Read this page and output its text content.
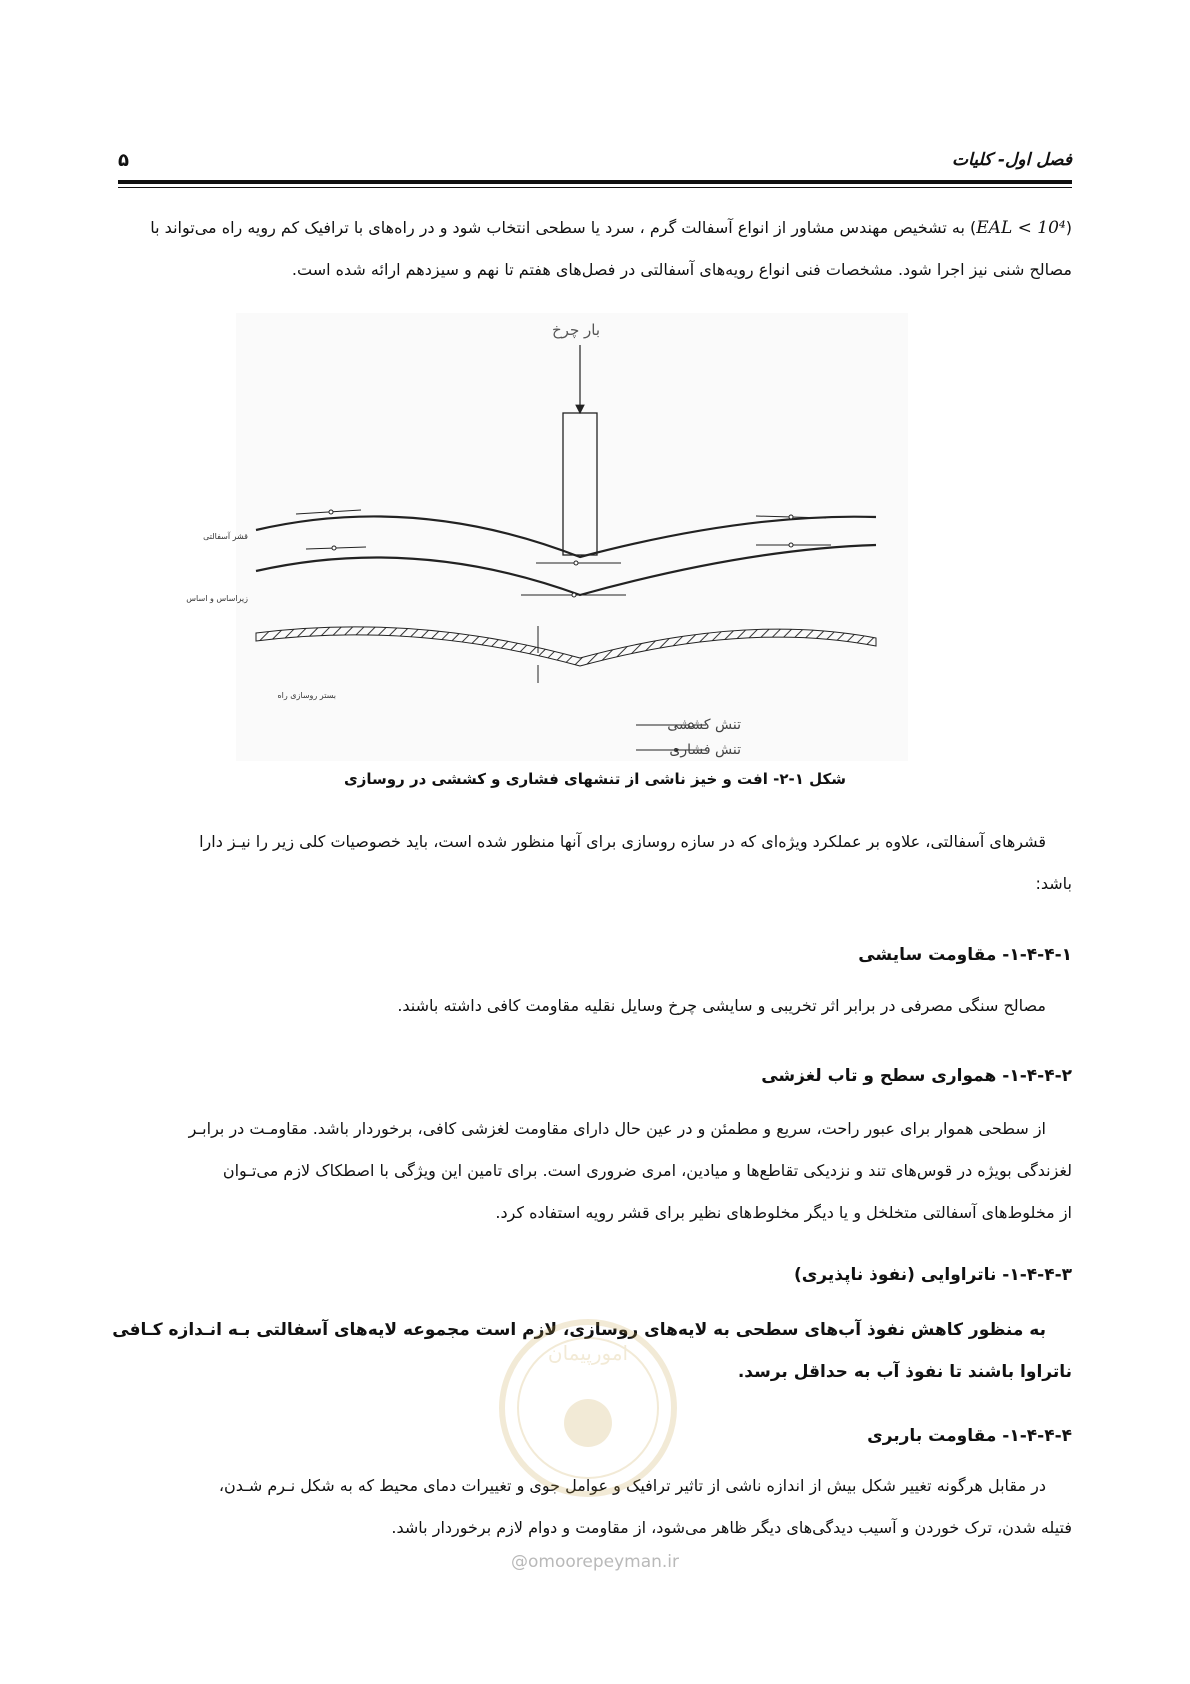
فصل اول- کلیات
۵
(EAL < 10⁴) به تشخیص مهندس مشاور از انواع آسفالت گرم ، سرد یا سطحی انتخاب شود و در راه‌های با ترافیک کم رویه راه می‌تواند با
مصالح شنی نیز اجرا شود. مشخصات فنی انواع رویه‌های آسفالتی در فصل‌های هفتم تا نهم و سیزدهم ارائه شده است.
بار چرخ
قشر آسفالتی
زیراساس و اساس
بستر روسازی راه
تنش کششی
تنش فشاری
شکل ۱-۲- افت و خیز ناشی از تنشهای فشاری و کششی در روسازی
قشرهای آسفالتی، علاوه بر عملکرد ویژه‌ای که در سازه روسازی برای آنها منظور شده است، باید خصوصیات کلی زیر را نیـز دارا
باشد:
۱-۴-۴-۱- مقاومت سایشی
مصالح سنگی مصرفی در برابر اثر تخریبی و سایشی چرخ وسایل نقلیه مقاومت کافی داشته باشند.
۱-۴-۴-۲- همواری سطح و تاب لغزشی
از سطحی هموار برای عبور راحت، سریع و مطمئن و در عین حال دارای مقاومت لغزشی کافی، برخوردار باشد. مقاومـت در برابـر
لغزندگی بویژه در قوس‌های تند و نزدیکی تقاطع‌ها و میادین، امری ضروری است. برای تامین این ویژگی با اصطکاک لازم می‌تـوان
از مخلوط‌های آسفالتی متخلخل و یا دیگر مخلوط‌های نظیر برای قشر رویه استفاده کرد.
۱-۴-۴-۳- ناتراوایی (نفوذ ناپذیری)
به منظور کاهش نفوذ آب‌های سطحی به لایه‌های روسازی، لازم است مجموعه لایه‌های آسفالتی بـه انـدازه کـافی
ناتراوا باشند تا نفوذ آب به حداقل برسد.
۱-۴-۴-۴- مقاومت باربری
در مقابل هرگونه تغییر شکل بیش از اندازه ناشی از تاثیر ترافیک و عوامل جوی و تغییرات دمای محیط که به شکل نـرم شـدن،
فتیله شدن، ترک خوردن و آسیب دیدگی‌های دیگر ظاهر می‌شود، از مقاومت و دوام لازم برخوردار باشد.
امورپیمان
@omoorepeyman.ir
